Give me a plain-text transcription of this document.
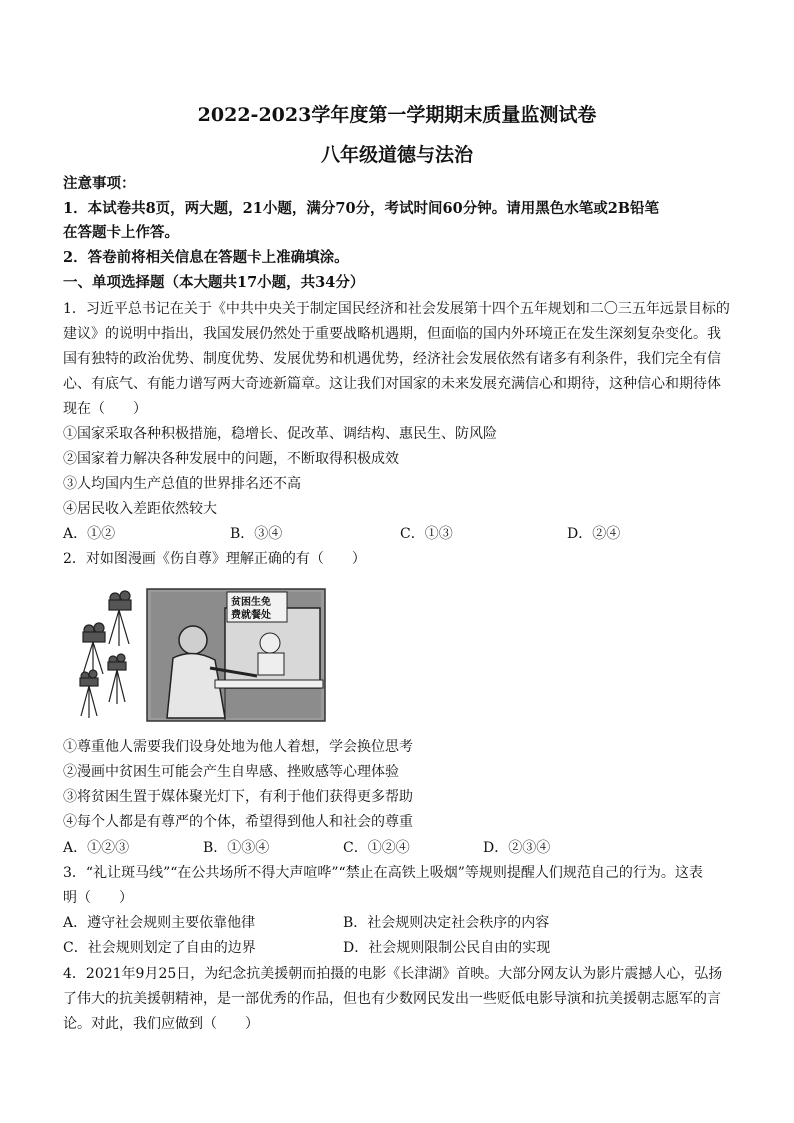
2022-2023学年度第一学期期末质量监测试卷
八年级道德与法治
注意事项：
1．本试卷共8页，两大题，21小题，满分70分，考试时间60分钟。请用黑色水笔或2B铅笔
在答题卡上作答。
2．答卷前将相关信息在答题卡上准确填涂。
一、单项选择题（本大题共17小题，共34分）
1．习近平总书记在关于《中共中央关于制定国民经济和社会发展第十四个五年规划和二〇三五年远景目标的
建议》的说明中指出，我国发展仍然处于重要战略机遇期，但面临的国内外环境正在发生深刻复杂变化。我
国有独特的政治优势、制度优势、发展优势和机遇优势，经济社会发展依然有诸多有利条件，我们完全有信
心、有底气、有能力谱写两大奇迹新篇章。这让我们对国家的未来发展充满信心和期待，这种信心和期待体
现在（　　）
①国家采取各种积极措施，稳增长、促改革、调结构、惠民生、防风险
②国家着力解决各种发展中的问题，不断取得积极成效
③人均国内生产总值的世界排名还不高
④居民收入差距依然较大
A．①②	B．③④	C．①③	D．②④
2．对如图漫画《伤自尊》理解正确的有（　　）
贫困生免
费就餐处
①尊重他人需要我们设身处地为他人着想，学会换位思考
②漫画中贫困生可能会产生自卑感、挫败感等心理体验
③将贫困生置于媒体聚光灯下，有利于他们获得更多帮助
④每个人都是有尊严的个体，希望得到他人和社会的尊重
A．①②③	B．①③④	C．①②④	D．②③④
3．“礼让斑马线”“在公共场所不得大声喧哗”“禁止在高铁上吸烟”等规则提醒人们规范自己的行为。这表
明（　　）
A．遵守社会规则主要依靠他律	B．社会规则决定社会秩序的内容
C．社会规则划定了自由的边界	D．社会规则限制公民自由的实现
4．2021年9月25日，为纪念抗美援朝而拍摄的电影《长津湖》首映。大部分网友认为影片震撼人心，弘扬
了伟大的抗美援朝精神，是一部优秀的作品，但也有少数网民发出一些贬低电影导演和抗美援朝志愿军的言
论。对此，我们应做到（　　）
